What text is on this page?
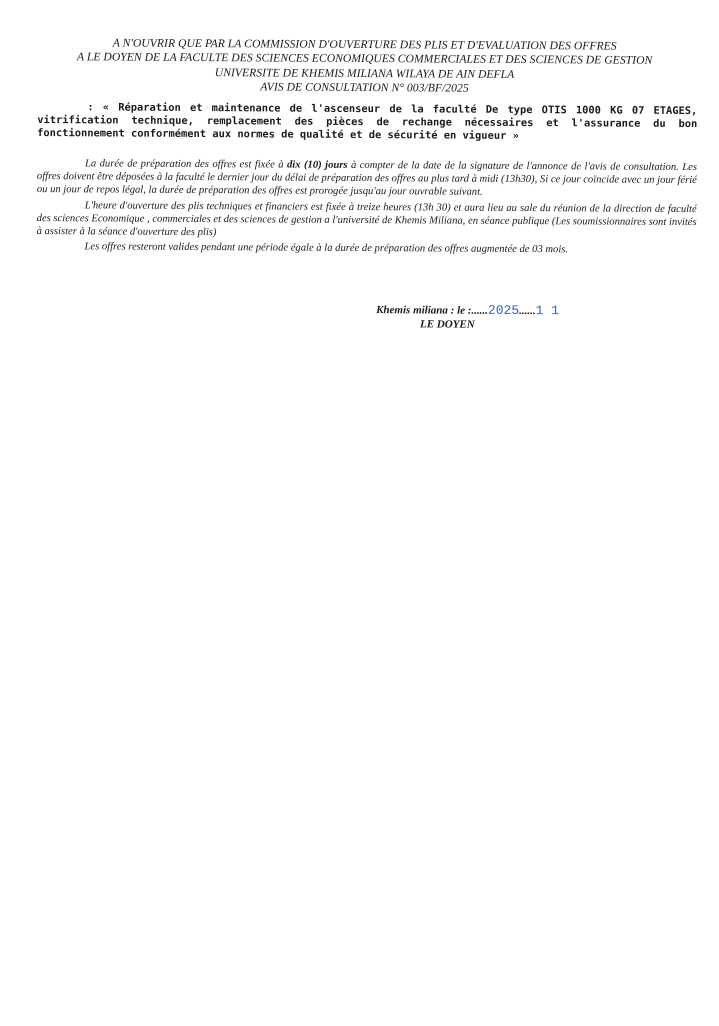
A N'OUVRIR QUE PAR LA COMMISSION D'OUVERTURE DES PLIS ET D'EVALUATION DES OFFRES
A LE DOYEN DE LA FACULTE DES SCIENCES ECONOMIQUES COMMERCIALES ET DES SCIENCES DE GESTION
UNIVERSITE DE KHEMIS MILIANA WILAYA DE AIN DEFLA
AVIS DE CONSULTATION N° 003/BF/2025
: « Réparation et maintenance de l'ascenseur de la faculté De type OTIS 1000 KG 07 ETAGES, vitrification technique, remplacement des pièces de rechange nécessaires et l'assurance du bon fonctionnement conformément aux normes de qualité et de sécurité en vigueur »

La durée de préparation des offres est fixée à dix (10) jours à compter de la date de la signature de l'annonce de l'avis de consultation. Les offres doivent être déposées à la faculté le dernier jour du délai de préparation des offres au plus tard à midi (13h30), Si ce jour coïncide avec un jour férié ou un jour de repos légal, la durée de préparation des offres est prorogée jusqu'au jour ouvrable suivant.

L'heure d'ouverture des plis techniques et financiers est fixée à treize heures (13h 30) et aura lieu au sale du réunion de la direction de faculté des sciences Economique , commerciales et des sciences de gestion a l'université de Khemis Miliana, en séance publique (Les soumissionnaires sont invités à assister à la séance d'ouverture des plis)

Les offres resteront valides pendant une période égale à la durée de préparation des offres augmentée de 03 mois.

Khemis miliana : le :......2025......1 1
LE DOYEN
